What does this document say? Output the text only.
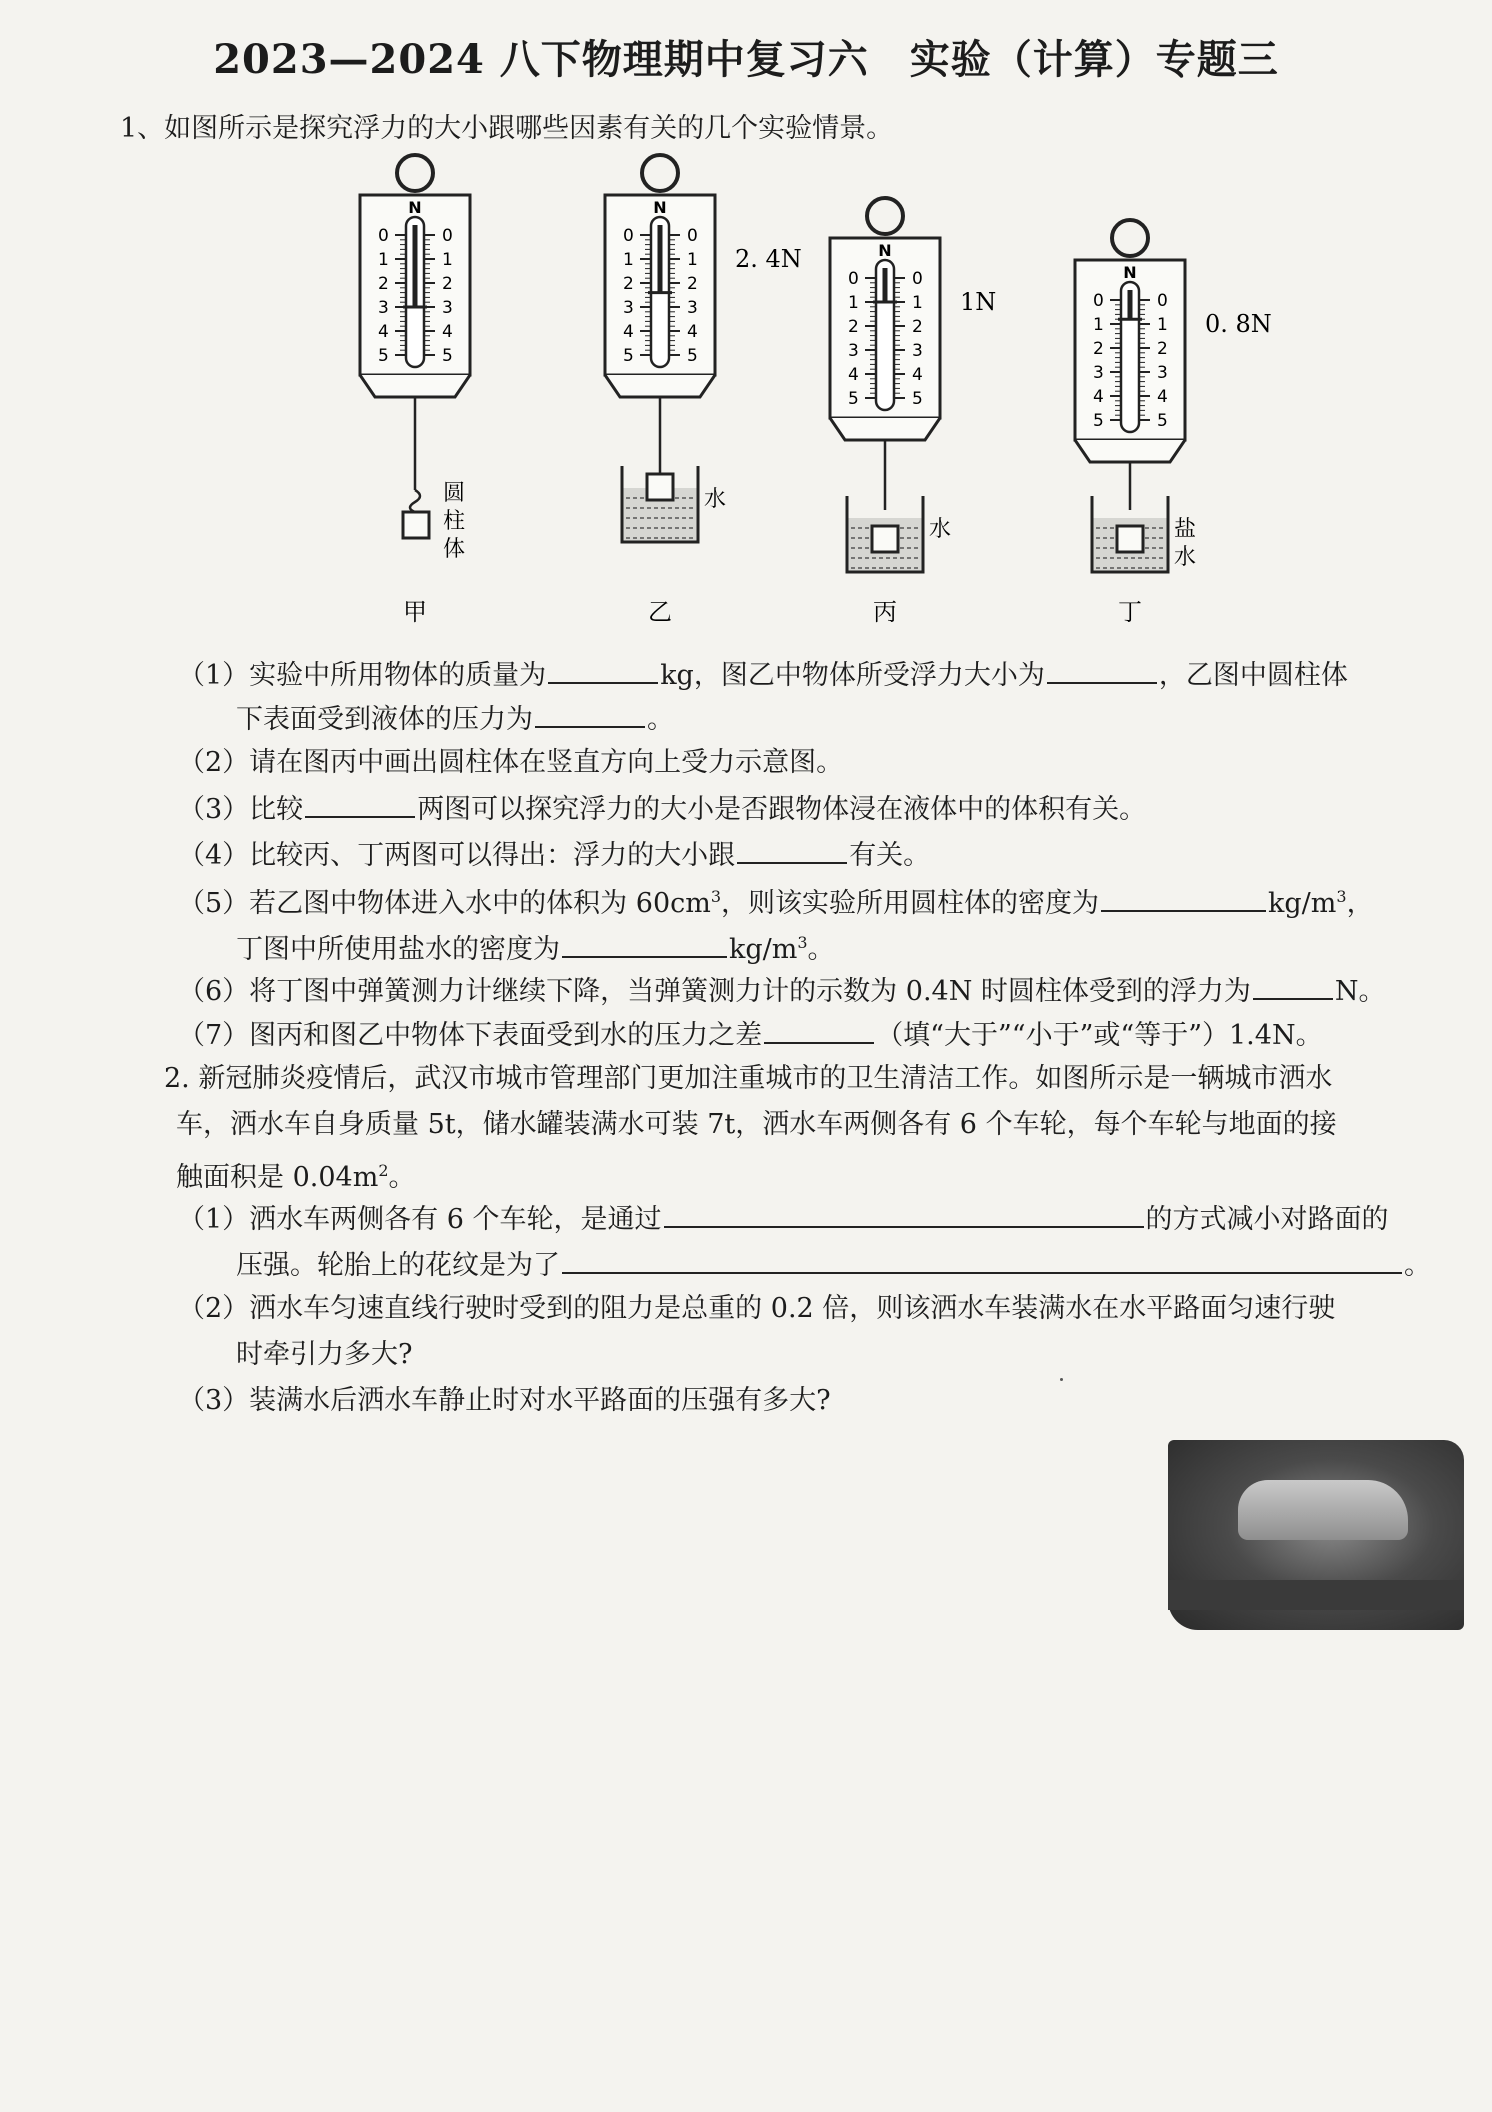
2023—2024 八下物理期中复习六　实验（计算）专题三
1、如图所示是探究浮力的大小跟哪些因素有关的几个实验情景。
N
0	0
1	1
2	2
3	3
4	4
5	5
圆
柱
体
甲
N
0	0
1	1
2	2
3	3
4	4
5	5
2. 4N
水
乙
N
0	0
1	1
2	2
3	3
4	4
5	5
1N
水
丙
N
0	0
1	1
2	2
3	3
4	4
5	5
0. 8N
盐
水
丁
（1）实验中所用物体的质量为	kg，图乙中物体所受浮力大小为	，乙图中圆柱体
下表面受到液体的压力为	。
（2）请在图丙中画出圆柱体在竖直方向上受力示意图。
（3）比较	两图可以探究浮力的大小是否跟物体浸在液体中的体积有关。
（4）比较丙、丁两图可以得出：浮力的大小跟	有关。
（5）若乙图中物体进入水中的体积为 $60cm^3$，则该实验所用圆柱体的密度为	$kg/m^3$，
丁图中所使用盐水的密度为	$kg/m^3$。
（6）将丁图中弹簧测力计继续下降，当弹簧测力计的示数为 0.4N 时圆柱体受到的浮力为	N。
（7）图丙和图乙中物体下表面受到水的压力之差	（填“大于”“小于”或“等于”）1.4N。
2. 新冠肺炎疫情后，武汉市城市管理部门更加注重城市的卫生清洁工作。如图所示是一辆城市洒水
车，洒水车自身质量 5t，储水罐装满水可装 7t，洒水车两侧各有 6 个车轮，每个车轮与地面的接
触面积是 $0.04m^2$。
（1）洒水车两侧各有 6 个车轮，是通过	的方式减小对路面的
压强。轮胎上的花纹是为了	。
（2）洒水车匀速直线行驶时受到的阻力是总重的 0.2 倍，则该洒水车装满水在水平路面匀速行驶
时牵引力多大?
（3）装满水后洒水车静止时对水平路面的压强有多大?
